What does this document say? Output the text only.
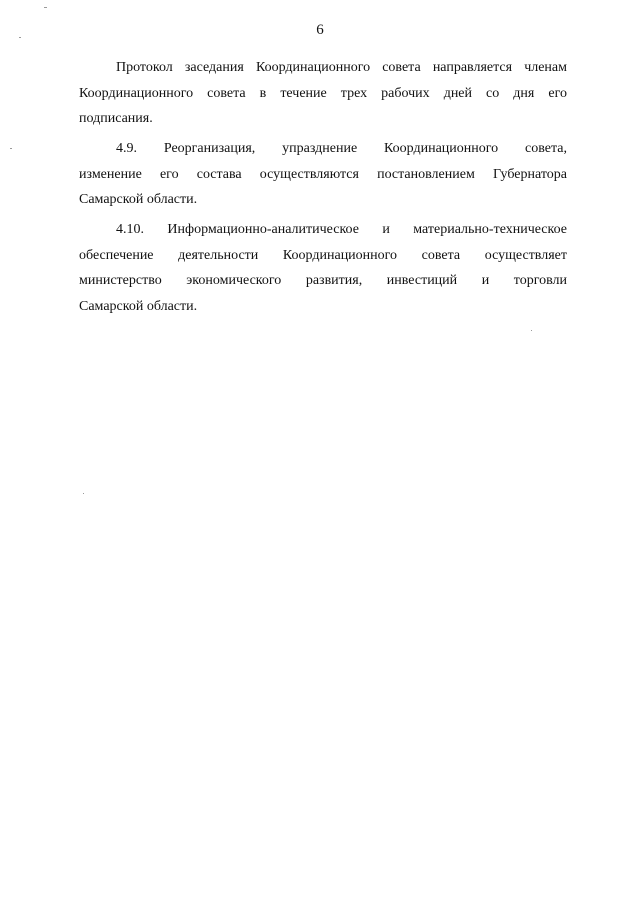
6
Протокол заседания Координационного совета направляется членам
Координационного совета в течение трех рабочих дней со дня его
подписания.
4.9. Реорганизация, упразднение Координационного совета,
изменение его состава осуществляются постановлением Губернатора
Самарской области.
4.10. Информационно-аналитическое и материально-техническое
обеспечение деятельности Координационного совета осуществляет
министерство экономического развития, инвестиций и торговли
Самарской области.
